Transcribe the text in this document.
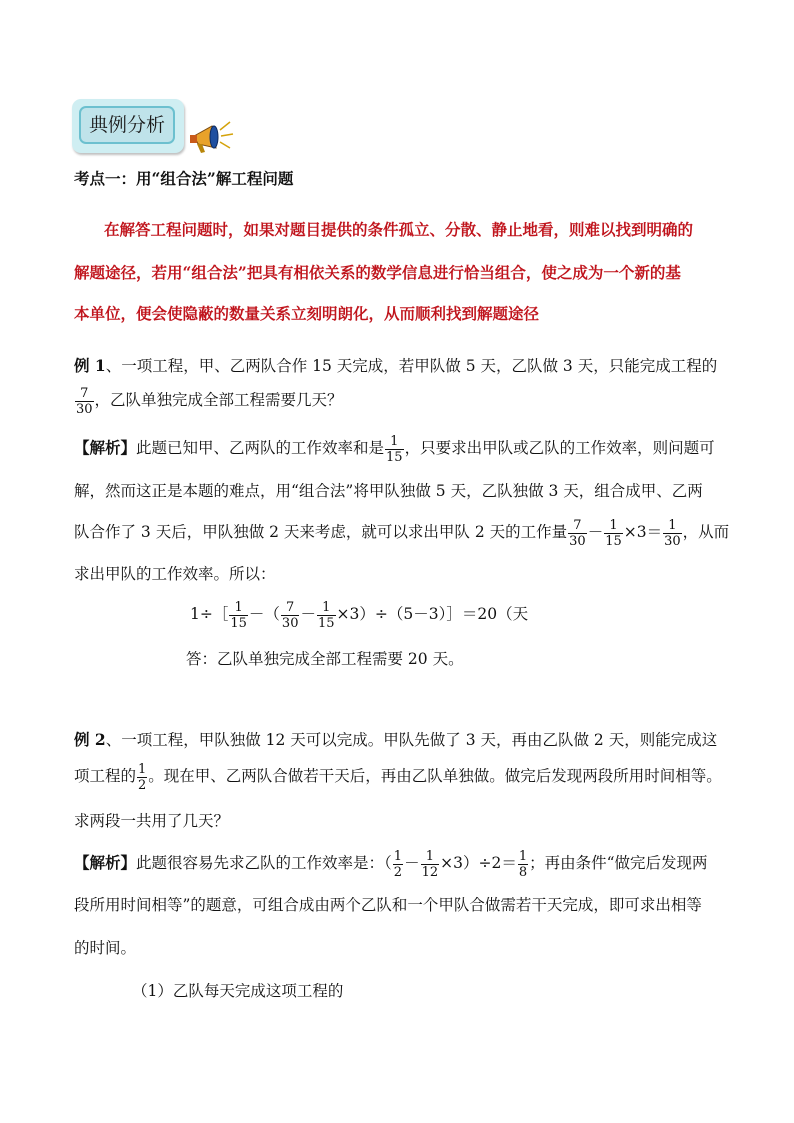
典例分析
考点一：用“组合法”解工程问题
在解答工程问题时，如果对题目提供的条件孤立、分散、静止地看，则难以找到明确的
解题途径，若用“组合法”把具有相依关系的数学信息进行恰当组合，使之成为一个新的基
本单位，便会使隐蔽的数量关系立刻明朗化，从而顺利找到解题途径
例 1、一项工程，甲、乙两队合作 15 天完成，若甲队做 5 天，乙队做 3 天，只能完成工程的
$\frac{7}{30}$ ，乙队单独完成全部工程需要几天？
【解析】此题已知甲、乙两队的工作效率和是 $\frac{1}{15}$ ，只要求出甲队或乙队的工作效率，则问题可
解，然而这正是本题的难点，用“组合法”将甲队独做 5 天，乙队独做 3 天，组合成甲、乙两
队合作了 3 天后，甲队独做 2 天来考虑，就可以求出甲队 2 天的工作量 $\frac{7}{30} - \frac{1}{15} \times 3= \frac{1}{30}$ ，从而
求出甲队的工作效率。所以：
1÷［ $\frac{1}{15}$ －（ $\frac{7}{30} - \frac{1}{15}$ ×3）÷（5－3）］＝20（天
答：乙队单独完成全部工程需要 20 天。
例 2、一项工程，甲队独做 12 天可以完成。甲队先做了 3 天，再由乙队做 2 天，则能完成这
项工程的 $\frac{1}{2}$ 。现在甲、乙两队合做若干天后，再由乙队单独做。做完后发现两段所用时间相等。
求两段一共用了几天？
【解析】此题很容易先求乙队的工作效率是：（ $\frac{1}{2} - \frac{1}{12} \times 3)\div 2= \frac{1}{8}$ ；再由条件“做完后发现两
段所用时间相等”的题意，可组合成由两个乙队和一个甲队合做需若干天完成，即可求出相等
的时间。
（1）乙队每天完成这项工程的
